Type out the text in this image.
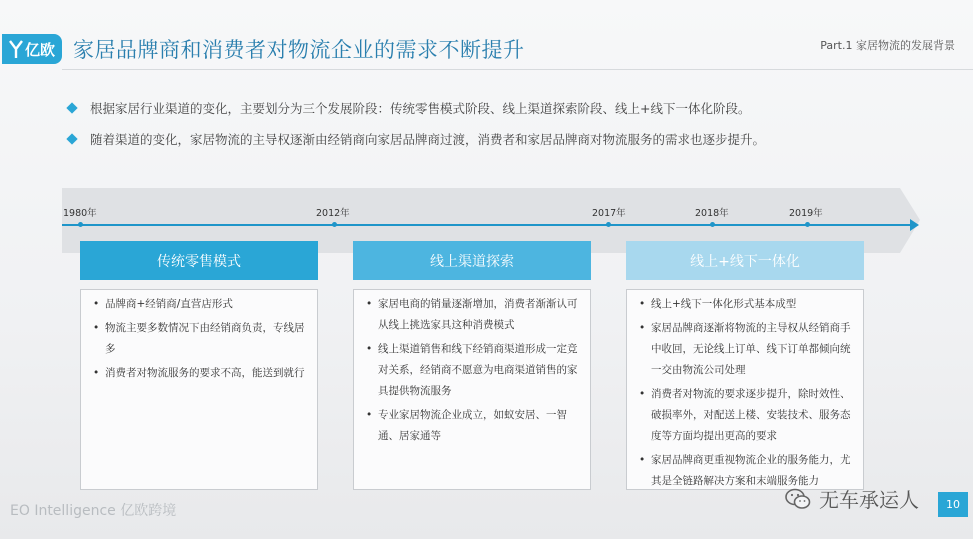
亿欧 家居品牌商和消费者对物流企业的需求不断提升	Part.1 家居物流的发展背景
根据家居行业渠道的变化，主要划分为三个发展阶段：传统零售模式阶段、线上渠道探索阶段、线上+线下一体化阶段。
随着渠道的变化，家居物流的主导权逐渐由经销商向家居品牌商过渡，消费者和家居品牌商对物流服务的需求也逐步提升。
1980年	2012年	2017年	2018年	2019年
传统零售模式
• 品牌商+经销商/直营店形式
• 物流主要多数情况下由经销商负责，专线居多
• 消费者对物流服务的要求不高，能送到就行
线上渠道探索
• 家居电商的销量逐渐增加，消费者渐渐认可从线上挑选家具这种消费模式
• 线上渠道销售和线下经销商渠道形成一定竞对关系，经销商不愿意为电商渠道销售的家具提供物流服务
• 专业家居物流企业成立，如蚁安居、一智通、居家通等
线上+线下一体化
• 线上+线下一体化形式基本成型
• 家居品牌商逐渐将物流的主导权从经销商手中收回，无论线上订单、线下订单都倾向统一交由物流公司处理
• 消费者对物流的要求逐步提升，除时效性、破损率外，对配送上楼、安装技术、服务态度等方面均提出更高的要求
• 家居品牌商更重视物流企业的服务能力，尤其是全链路解决方案和末端服务能力
EO Intelligence 亿欧跨境	无车承运人	10
